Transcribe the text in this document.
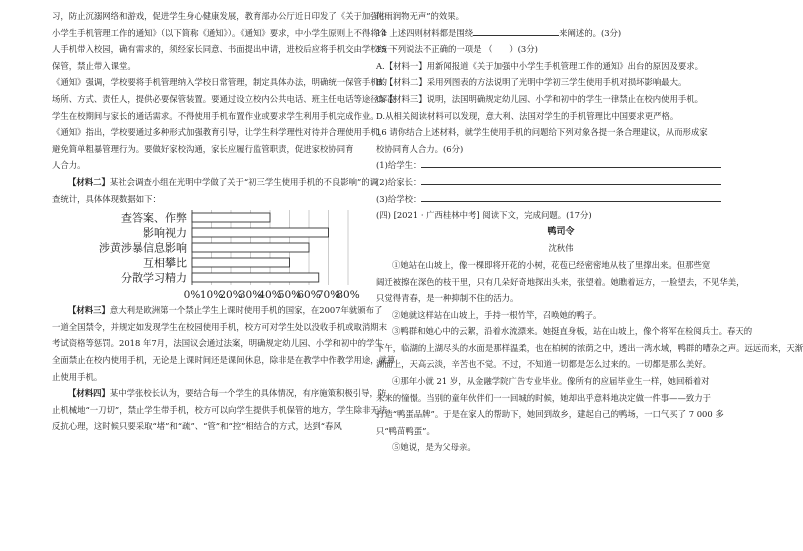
习，防止沉溺网络和游戏，促进学生身心健康发展，教育部办公厅近日印发了《关于加强中

小学生手机管理工作的通知》（以下简称《通知》）。《通知》要求，中小学生原则上不得将个

人手机带入校园，确有需求的，须经家长同意、书面提出申请，进校后应将手机交由学校统一

保管，禁止带入课堂。

《通知》强调，学校要将手机管理纳入学校日常管理，制定具体办法，明确统一保管手机的

场所、方式、责任人，提供必要保管装置。要通过设立校内公共电话、班主任电话等途径解决

学生在校期间与家长的通话需求。不得使用手机布置作业或要求学生利用手机完成作业。

《通知》指出，学校要通过多种形式加强教育引导，让学生科学理性对待并合理使用手机，

避免简单粗暴管理行为。要做好家校沟通，家长应履行监管职责，促进家校协同育

人合力。

【材料二】某社会调查小组在光明中学做了关于“初三学生使用手机的不良影响”的调

查统计，具体体现数据如下：

0% 10%
20%
30%
40%
50%
60%
70%
80%
查答案、作弊
影响视力
涉黄涉暴信息影响
互相攀比
分散学习精力

【材料三】意大利是欧洲第一个禁止学生上课时使用手机的国家，在2007年就颁布了

一道全国禁令，并规定如发现学生在校园使用手机，校方可对学生处以没收手机或取消期末

考试资格等惩罚。2018 年7月，法国议会通过法案，明确规定幼儿园、小学和初中的学生

全面禁止在校内使用手机，无论是上课时间还是课间休息，除非是在教学中作教学用途，就算

止使用手机。

【材料四】某中学张校长认为，要结合每一个学生的具体情况，有序施策积极引导，防

止机械地“一刀切”，禁止学生带手机，校方可以向学生提供手机保管的地方，学生除非无法

反抗心理，这时候只要采取“堵”和“疏”、“管”和“控”相结合的方式，达到“春风

化雨润物无声”的效果。

14 上述四则材料都是围绕	来阐述的。(3分)

15 下列说法不正确的一项是 （　　）(3分)

A.【材料一】用新闻报道《关于加强中小学生手机管理工作的通知》出台的原因及要求。

B.【材料二】采用列图表的方法说明了光明中学初三学生使用手机对损坏影响最大。

C.【材料三】说明，法国明确规定幼儿园、小学和初中的学生一律禁止在校内使用手机。

D.从相关阅读材料可以发现，意大利、法国对学生的手机管理比中国要求更严格。

16 请你结合上述材料，就学生使用手机的问题给下列对象各提一条合理建议，从而形成家

校协同育人合力。(6分)

(1)给学生：

(2)给家长：

(3)给学校：

(四) [2021 · 广西桂林中考] 阅读下文，完成问题。(17分)

鸭司令

沈秋伟

①她站在山坡上，像一棵即将开花的小树，花苞已经密密地从枝了里撑出来。但那些宽

阔迁被擦在深色的枝干里，只有几朵好奇地探出头来，张望着。她瞧着远方，一脸望去，不见华美，

只觉得青春，是一种抑制不住的活力。

②她就这样站在山坡上，手持一根竹竿，召唤她的鸭子。

③鸭群和她心中的云絮，沿着水流漂来。她挺直身板，站在山坡上，像个将军在检阅兵士。春天的

下午，临湖的上湖尽头的水面是那样温柔，也在柏树的浓荫之中，透出一湾水域，鸭群的嘈杂之声。远远而来，天渐

湖面上，天高云淡，辛苦也不觉。不过，不知道一切都是怎么过来的。一切都是那么美好。

④那年小就 21 岁，从金融学院广告专业毕业。像所有的应届毕业生一样，她回稻着对

未来的憧憬。当别的童年伙伴们一一回城的时候，她却出乎意料地决定做一件事——致力于

打造“鸭蛋品牌”。于是在家人的帮助下，她回到故乡，建起自己的鸭场，一口气买了 7 000 多

只“鸭苗鸭蛋”。

⑤她说，是为父母亲。
